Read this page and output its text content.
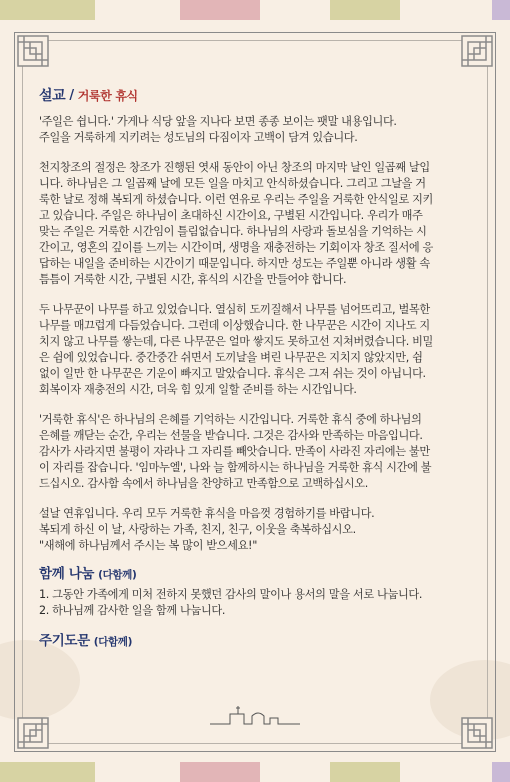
설교 / 거룩한 휴식

'주일은 쉽니다.' 가게나 식당 앞을 지나다 보면 종종 보이는 팻말 내용입니다.
주일을 거룩하게 지키려는 성도님의 다짐이자 고백이 담겨 있습니다.

천지창조의 절정은 창조가 진행된 엿새 동안이 아닌 창조의 마지막 날인 일곱째 날입
니다. 하나님은 그 일곱째 날에 모든 일을 마치고 안식하셨습니다. 그리고 그날을 거
룩한 날로 정해 복되게 하셨습니다. 이런 연유로 우리는 주일을 거룩한 안식일로 지키
고 있습니다. 주일은 하나님이 초대하신 시간이요, 구별된 시간입니다. 우리가 매주
맞는 주일은 거룩한 시간임이 틀림없습니다. 하나님의 사랑과 돌보심을 기억하는 시
간이고, 영혼의 깊이를 느끼는 시간이며, 생명을 재충전하는 기회이자 창조 질서에 응
답하는 내일을 준비하는 시간이기 때문입니다. 하지만 성도는 주일뿐 아니라 생활 속
틈틈이 거룩한 시간, 구별된 시간, 휴식의 시간을 만들어야 합니다.

두 나무꾼이 나무를 하고 있었습니다. 열심히 도끼질해서 나무를 넘어뜨리고, 벌목한
나무를 매끄럽게 다듬었습니다. 그런데 이상했습니다. 한 나무꾼은 시간이 지나도 지
치지 않고 나무를 쌓는데, 다른 나무꾼은 얼마 쌓지도 못하고선 지쳐버렸습니다. 비밀
은 쉼에 있었습니다. 중간중간 쉬면서 도끼날을 벼린 나무꾼은 지치지 않았지만, 쉼
없이 일만 한 나무꾼은 기운이 빠지고 말았습니다. 휴식은 그저 쉬는 것이 아닙니다.
회복이자 재충전의 시간, 더욱 힘 있게 일할 준비를 하는 시간입니다.

'거룩한 휴식'은 하나님의 은혜를 기억하는 시간입니다. 거룩한 휴식 중에 하나님의
은혜를 깨닫는 순간, 우리는 선물을 받습니다. 그것은 감사와 만족하는 마음입니다.
감사가 사라지면 불평이 자라나 그 자리를 빼앗습니다. 만족이 사라진 자리에는 불만
이 자리를 잡습니다. '임마누엘', 나와 늘 함께하시는 하나님을 거룩한 휴식 시간에 불
드십시오. 감사함 속에서 하나님을 찬양하고 만족함으로 고백하십시오.

설날 연휴입니다. 우리 모두 거룩한 휴식을 마음껏 경험하기를 바랍니다.
복되게 하신 이 날, 사랑하는 가족, 친지, 친구, 이웃을 축복하십시오.
"새해에 하나님께서 주시는 복 많이 받으세요!"

함께 나눔 (다함께)
1. 그동안 가족에게 미처 전하지 못했던 감사의 말이나 용서의 말을 서로 나눕니다.
2. 하나님께 감사한 일을 함께 나눕니다.
주기도문 (다함께)
